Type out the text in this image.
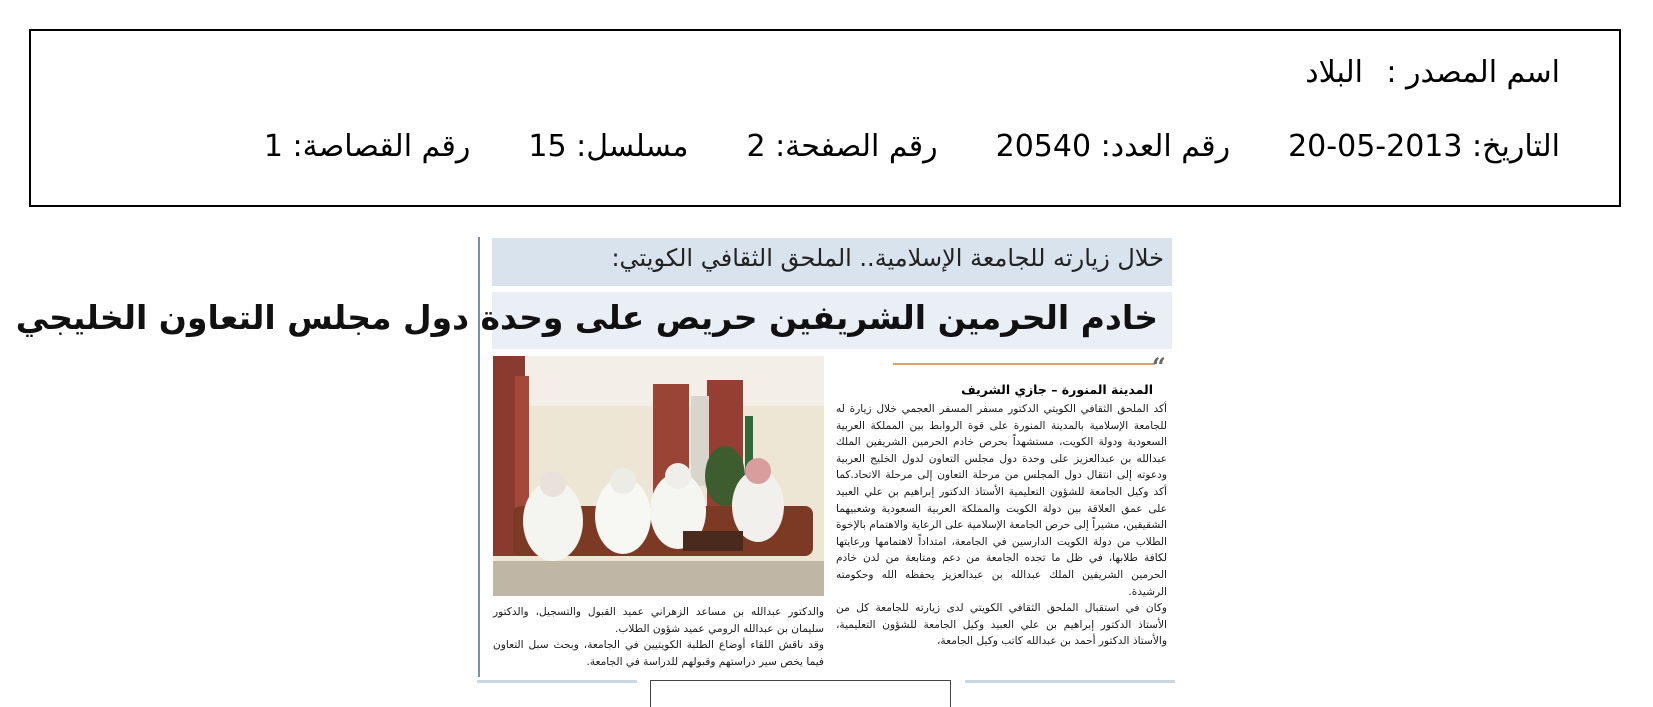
اسم المصدر :البلاد
التاريخ: 2013-05-20رقم العدد: 20540رقم الصفحة: 2مسلسل: 15رقم القصاصة: 1
خلال زيارته للجامعة الإسلامية.. الملحق الثقافي الكويتي:
خادم الحرمين الشريفين حريص على وحدة دول مجلس التعاون الخليجي
“
المدينة المنورة – جازي الشريف

أكد الملحق الثقافي الكويتي الدكتور مسفر المسفر العجمي خلال زيارة له للجامعة الإسلامية بالمدينة المنورة على قوة الروابط بين المملكة العربية السعودية ودولة الكويت، مستشهداً بحرص خادم الحرمين الشريفين الملك عبدالله بن عبدالعزيز على وحدة دول مجلس التعاون لدول الخليج العربية ودعوته إلى انتقال دول المجلس من مرحلة التعاون إلى مرحلة الاتحاد.كما أكد وكيل الجامعة للشؤون التعليمية الأستاذ الدكتور إبراهيم بن علي العبيد على عمق العلاقة بين دولة الكويت والمملكة العربية السعودية وشعبيهما الشقيقين، مشيراً إلى حرص الجامعة الإسلامية على الرعاية والاهتمام بالإخوة الطلاب من دولة الكويت الدارسين في الجامعة، امتداداً لاهتمامها ورعايتها لكافة طلابها، في ظل ما تجده الجامعة من دعم ومتابعة من لدن خادم الحرمين الشريفين الملك عبدالله بن عبدالعزيز يحفظه الله وحكومته الرشيدة.

وكان في استقبال الملحق الثقافي الكويتي لدى زيارته للجامعة كل من الأستاذ الدكتور إبراهيم بن علي العبيد وكيل الجامعة للشؤون التعليمية، والأستاذ الدكتور أحمد بن عبدالله كاتب وكيل الجامعة،

والدكتور عبدالله بن مساعد الزهراني عميد القبول والتسجيل، والدكتور سليمان بن عبدالله الرومي عميد شؤون الطلاب.

وقد ناقش اللقاء أوضاع الطلبة الكويتيين في الجامعة، وبحث سبل التعاون فيما يخص سير دراستهم وقبولهم للدراسة في الجامعة.
